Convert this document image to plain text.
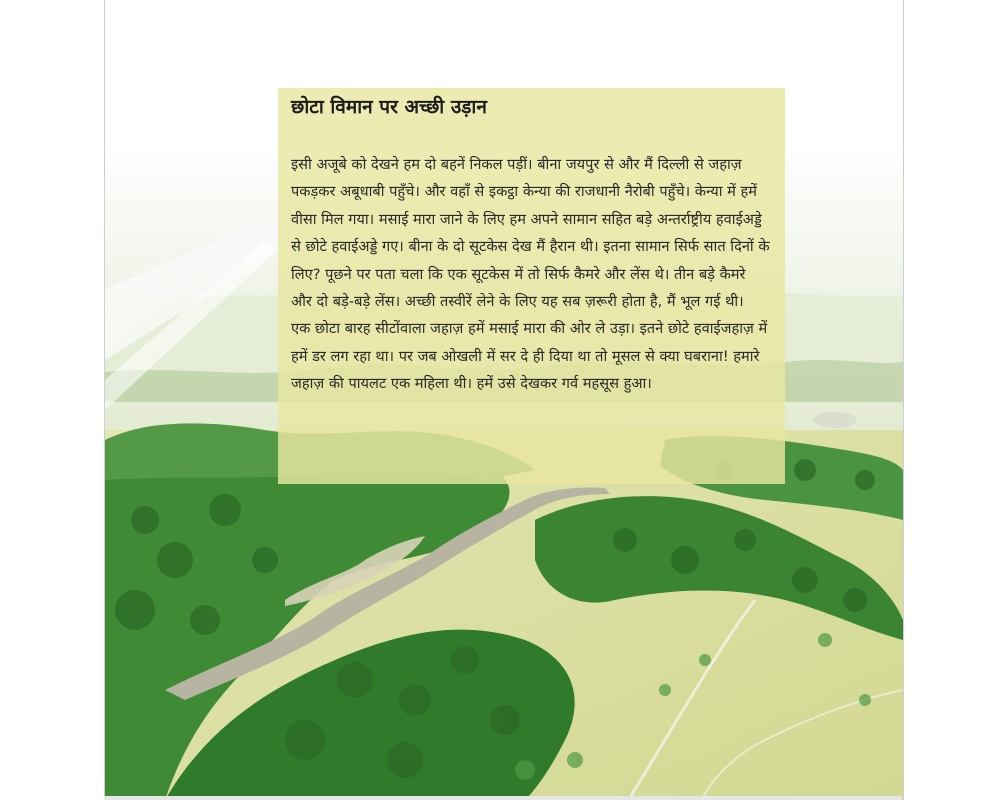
छोटा विमान पर अच्छी उड़ान

इसी अजूबे को देखने हम दो बहनें निकल पड़ीं। बीना जयपुर से और मैं दिल्ली से जहाज़ पकड़कर अबूधाबी पहुँचे। और वहाँ से इकट्ठा केन्या की राजधानी नैरोबी पहुँचे। केन्या में हमें वीसा मिल गया। मसाई मारा जाने के लिए हम अपने सामान सहित बड़े अन्तर्राष्ट्रीय हवाईअड्डे से छोटे हवाईअड्डे गए। बीना के दो सूटकेस देख मैं हैरान थी। इतना सामान सिर्फ सात दिनों के लिए? पूछने पर पता चला कि एक सूटकेस में तो सिर्फ कैमरे और लेंस थे। तीन बड़े कैमरे और दो बड़े-बड़े लेंस। अच्छी तस्वीरें लेने के लिए यह सब ज़रूरी होता है, मैं भूल गई थी।

एक छोटा बारह सीटोंवाला जहाज़ हमें मसाई मारा की ओर ले उड़ा। इतने छोटे हवाईजहाज़ में हमें डर लग रहा था। पर जब ओखली में सर दे ही दिया था तो मूसल से क्या घबराना! हमारे जहाज़ की पायलट एक महिला थी। हमें उसे देखकर गर्व महसूस हुआ।
